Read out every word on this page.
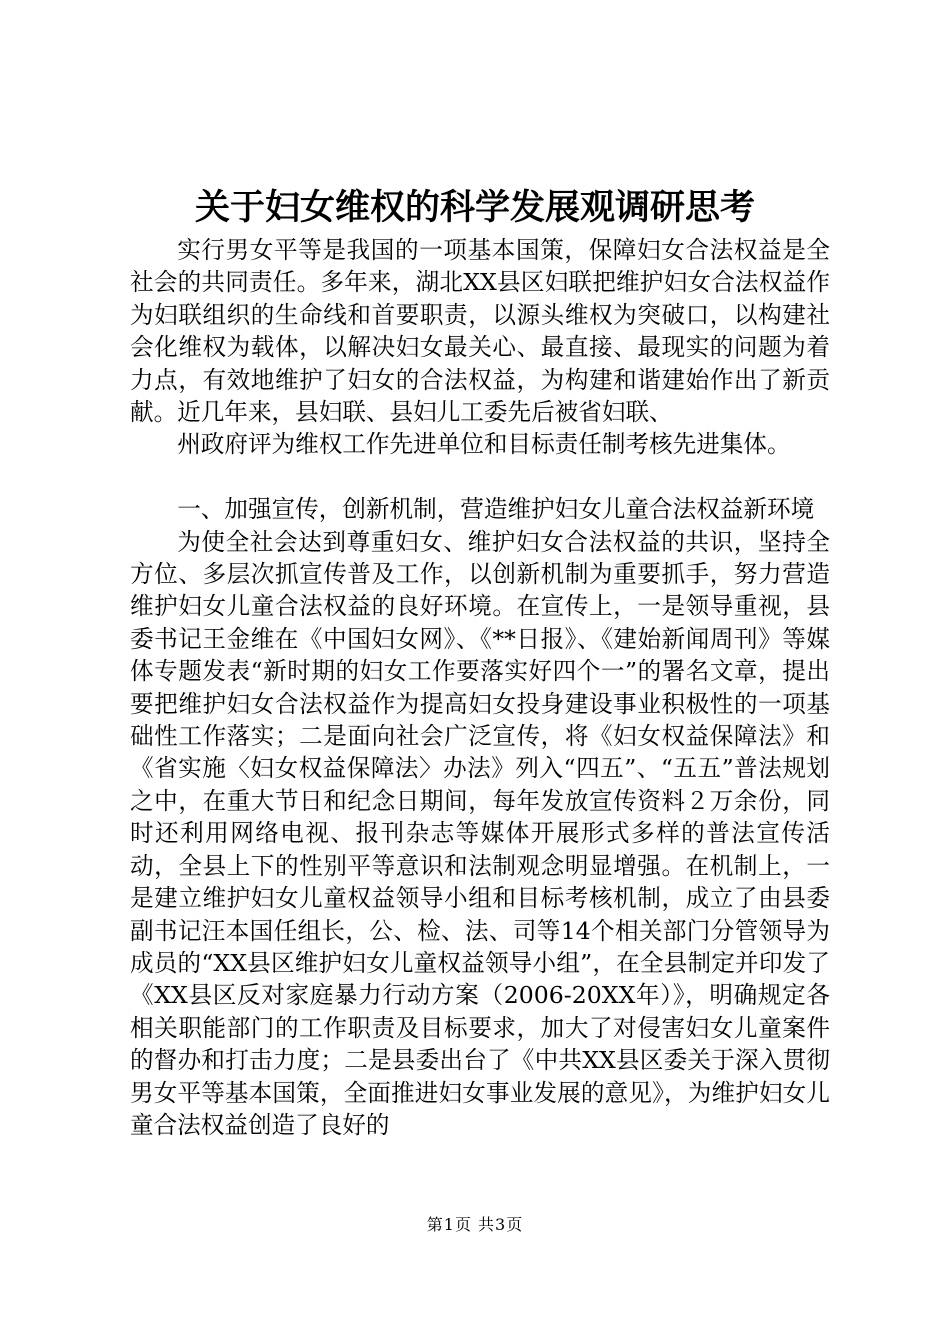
关于妇女维权的科学发展观调研思考

实行男女平等是我国的一项基本国策，保障妇女合法权益是全社会的共同责任。多年来，湖北XX县区妇联把维护妇女合法权益作为妇联组织的生命线和首要职责，以源头维权为突破口，以构建社会化维权为载体，以解决妇女最关心、最直接、最现实的问题为着力点，有效地维护了妇女的合法权益，为构建和谐建始作出了新贡献。近几年来，县妇联、县妇儿工委先后被省妇联、

州政府评为维权工作先进单位和目标责任制考核先进集体。

一、加强宣传，创新机制，营造维护妇女儿童合法权益新环境

为使全社会达到尊重妇女、维护妇女合法权益的共识，坚持全方位、多层次抓宣传普及工作，以创新机制为重要抓手，努力营造维护妇女儿童合法权益的良好环境。在宣传上，一是领导重视，县委书记王金维在《中国妇女网》、《**日报》、《建始新闻周刊》等媒体专题发表“新时期的妇女工作要落实好四个一”的署名文章，提出要把维护妇女合法权益作为提高妇女投身建设事业积极性的一项基础性工作落实；二是面向社会广泛宣传，将《妇女权益保障法》和《省实施〈妇女权益保障法〉办法》列入“四五”、“五五”普法规划之中，在重大节日和纪念日期间，每年发放宣传资料２万余份，同时还利用网络电视、报刊杂志等媒体开展形式多样的普法宣传活动，全县上下的性别平等意识和法制观念明显增强。在机制上，一是建立维护妇女儿童权益领导小组和目标考核机制，成立了由县委副书记汪本国任组长，公、检、法、司等14个相关部门分管领导为成员的“XX县区维护妇女儿童权益领导小组”，在全县制定并印发了《XX县区反对家庭暴力行动方案（2006-20XX年）》，明确规定各相关职能部门的工作职责及目标要求，加大了对侵害妇女儿童案件的督办和打击力度；二是县委出台了《中共XX县区委关于深入贯彻男女平等基本国策，全面推进妇女事业发展的意见》，为维护妇女儿童合法权益创造了良好的

第1页 共3页
